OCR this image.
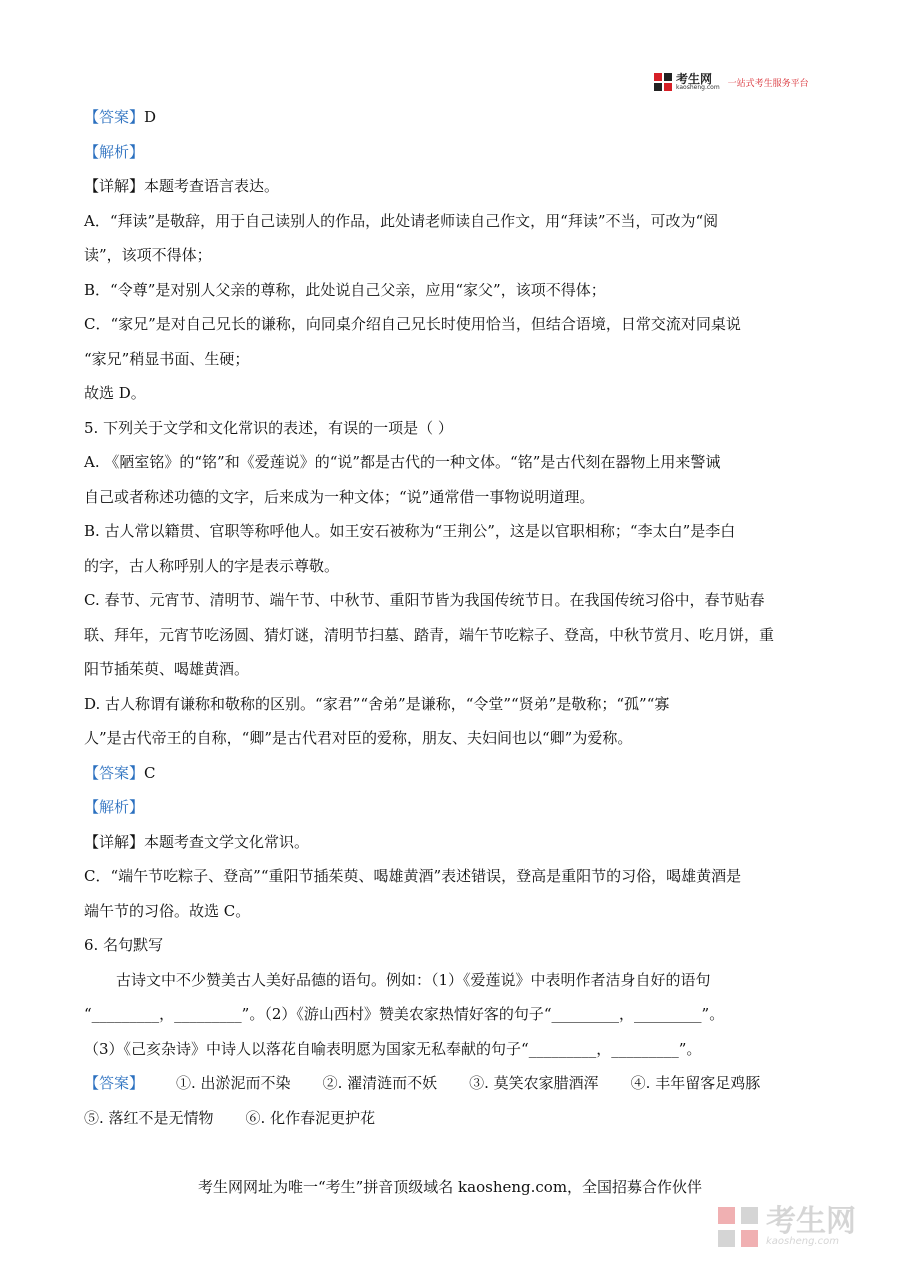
考生网
kaosheng.com 一站式考生服务平台
【答案】D
【解析】
【详解】本题考查语言表达。
A．“拜读”是敬辞，用于自己读别人的作品，此处请老师读自己作文，用“拜读”不当，可改为“阅
读”，该项不得体；
B．“令尊”是对别人父亲的尊称，此处说自己父亲，应用“家父”，该项不得体；
C．“家兄”是对自己兄长的谦称，向同桌介绍自己兄长时使用恰当，但结合语境，日常交流对同桌说
“家兄”稍显书面、生硬；
故选 D。
5. 下列关于文学和文化常识的表述，有误的一项是（ ）
A. 《陋室铭》的“铭”和《爱莲说》的“说”都是古代的一种文体。“铭”是古代刻在器物上用来警诫
自己或者称述功德的文字，后来成为一种文体；“说”通常借一事物说明道理。
B. 古人常以籍贯、官职等称呼他人。如王安石被称为“王荆公”，这是以官职相称；“李太白”是李白
的字，古人称呼别人的字是表示尊敬。
C. 春节、元宵节、清明节、端午节、中秋节、重阳节皆为我国传统节日。在我国传统习俗中，春节贴春
联、拜年，元宵节吃汤圆、猜灯谜，清明节扫墓、踏青，端午节吃粽子、登高，中秋节赏月、吃月饼，重
阳节插茱萸、喝雄黄酒。
D. 古人称谓有谦称和敬称的区别。“家君”“舍弟”是谦称，“令堂”“贤弟”是敬称；“孤”“寡
人”是古代帝王的自称，“卿”是古代君对臣的爱称，朋友、夫妇间也以“卿”为爱称。
【答案】C
【解析】
【详解】本题考查文学文化常识。
C．“端午节吃粽子、登高”“重阳节插茱萸、喝雄黄酒”表述错误，登高是重阳节的习俗，喝雄黄酒是
端午节的习俗。故选 C。
6. 名句默写
古诗文中不少赞美古人美好品德的语句。例如：（1）《爱莲说》中表明作者洁身自好的语句
“_________，_________”。（2）《游山西村》赞美农家热情好客的句子“_________，_________”。
（3）《己亥杂诗》中诗人以落花自喻表明愿为国家无私奉献的句子“_________，_________”。
【答案】 ①. 出淤泥而不染 ②. 濯清涟而不妖 ③. 莫笑农家腊酒浑 ④. 丰年留客足鸡豚
⑤. 落红不是无情物 ⑥. 化作春泥更护花
考生网网址为唯一“考生”拼音顶级域名 kaosheng.com，全国招募合作伙伴
考生网
kaosheng.com
